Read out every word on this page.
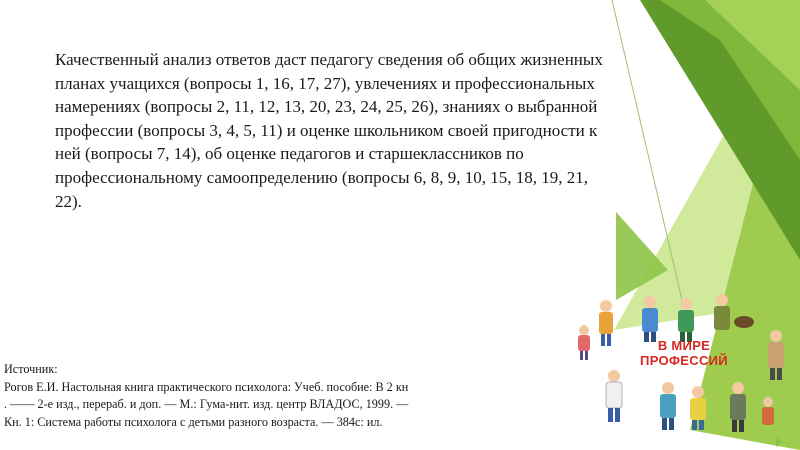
Качественный анализ ответов даст педагогу сведения об общих жизненных планах учащихся (вопросы 1, 16, 17, 27), увлечениях и профессиональных намерениях (вопросы 2, 11, 12, 13, 20, 23, 24, 25, 26), знаниях о выбранной профессии (вопросы 3, 4, 5, 11) и оценке школьником своей пригодности к ней (вопросы 7, 14), об оценке педагогов и старшеклассников по профессиональному самоопределению (вопросы 6, 8, 9, 10, 15, 18, 19, 21, 22).

Источник:
Рогов Е.И. Настольная книга практического психолога: Учеб. пособие: В 2 кн
. —— 2-е изд., перераб. и доп. — М.: Гума-нит. изд. центр ВЛАДОС, 1999. —
Кн. 1: Система работы психолога с детьми разного возраста. — 384с: ил.
В МИРЕ
ПРОФЕССИЙ
